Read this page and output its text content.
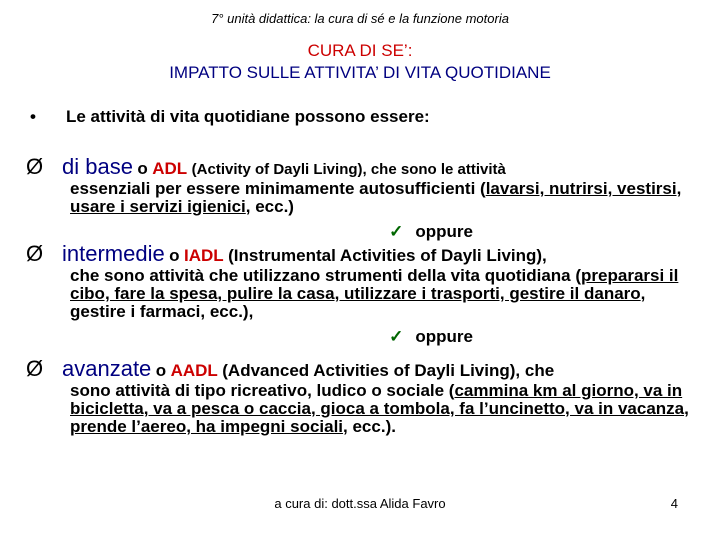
7° unità didattica: la cura di sé e la funzione motoria
CURA DI SE’:
IMPATTO SULLE ATTIVITA’ DI VITA QUOTIDIANE
• Le attività di vita quotidiane possono essere:
Ø di base o ADL (Activity of Dayli Living), che sono le attività
essenziali per essere minimamente autosufficienti (lavarsi, nutrirsi, vestirsi, usare i servizi igienici, ecc.)
✓ oppure
Ø intermedie o IADL (Instrumental Activities of Dayli Living),
che sono attività che utilizzano strumenti della vita quotidiana (prepararsi il cibo, fare la spesa, pulire la casa, utilizzare i trasporti, gestire il danaro, gestire i farmaci, ecc.),
✓ oppure
Ø avanzate o AADL (Advanced Activities of Dayli Living), che
sono attività di tipo ricreativo, ludico o sociale (cammina km al giorno, va in bicicletta, va a pesca o caccia, gioca a tombola, fa l’uncinetto, va in vacanza, prende l’aereo, ha impegni sociali, ecc.).
a cura di: dott.ssa Alida Favro	4
